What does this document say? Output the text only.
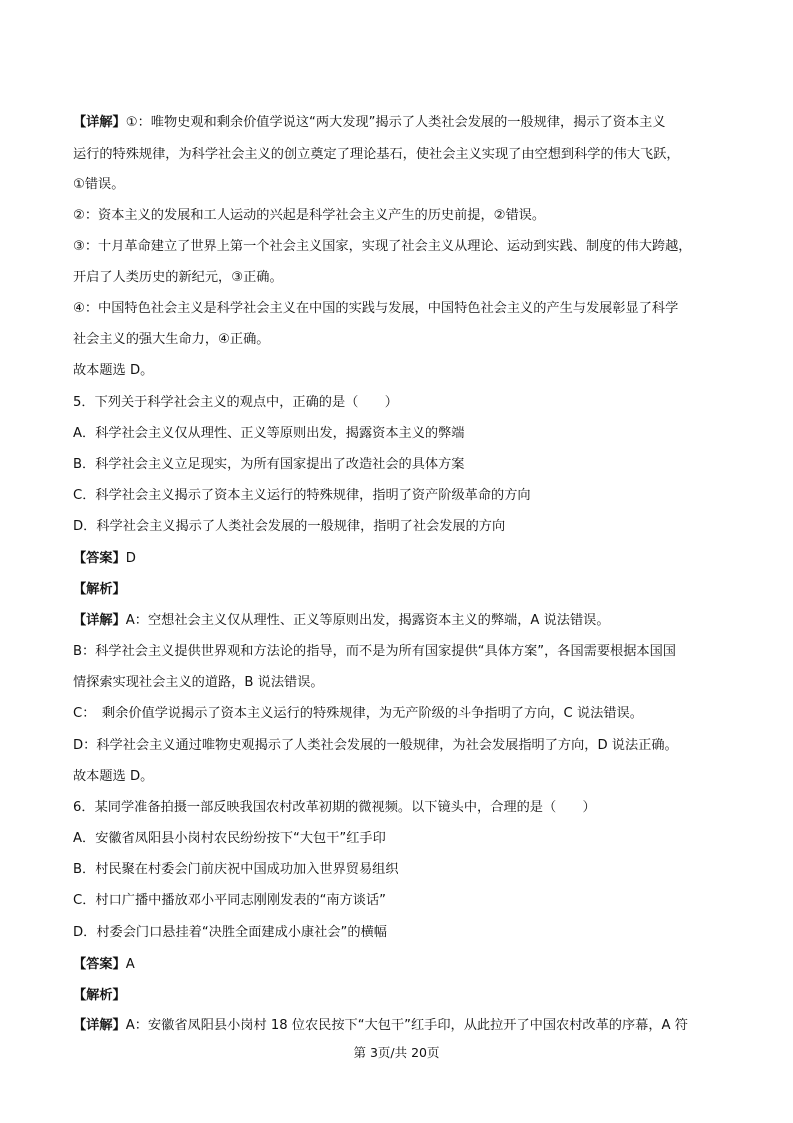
【详解】①：唯物史观和剩余价值学说这“两大发现”揭示了人类社会发展的一般规律，揭示了资本主义
运行的特殊规律，为科学社会主义的创立奠定了理论基石，使社会主义实现了由空想到科学的伟大飞跃，
①错误。
②：资本主义的发展和工人运动的兴起是科学社会主义产生的历史前提，②错误。
③：十月革命建立了世界上第一个社会主义国家，实现了社会主义从理论、运动到实践、制度的伟大跨越，
开启了人类历史的新纪元，③正确。
④：中国特色社会主义是科学社会主义在中国的实践与发展，中国特色社会主义的产生与发展彰显了科学
社会主义的强大生命力，④正确。
故本题选 D。
5．下列关于科学社会主义的观点中，正确的是（　　）
A．科学社会主义仅从理性、正义等原则出发，揭露资本主义的弊端
B．科学社会主义立足现实，为所有国家提出了改造社会的具体方案
C．科学社会主义揭示了资本主义运行的特殊规律，指明了资产阶级革命的方向
D．科学社会主义揭示了人类社会发展的一般规律，指明了社会发展的方向
【答案】D
【解析】
【详解】A：空想社会主义仅从理性、正义等原则出发，揭露资本主义的弊端，A 说法错误。
B：科学社会主义提供世界观和方法论的指导，而不是为所有国家提供“具体方案”，各国需要根据本国国
情探索实现社会主义的道路，B 说法错误。
C：　剩余价值学说揭示了资本主义运行的特殊规律，为无产阶级的斗争指明了方向，C 说法错误。
D：科学社会主义通过唯物史观揭示了人类社会发展的一般规律，为社会发展指明了方向，D 说法正确。
故本题选 D。
6．某同学准备拍摄一部反映我国农村改革初期的微视频。以下镜头中，合理的是（　　）
A．安徽省凤阳县小岗村农民纷纷按下“大包干”红手印
B．村民聚在村委会门前庆祝中国成功加入世界贸易组织
C．村口广播中播放邓小平同志刚刚发表的“南方谈话”
D．村委会门口悬挂着“决胜全面建成小康社会”的横幅
【答案】A
【解析】
【详解】A：安徽省凤阳县小岗村 18 位农民按下“大包干”红手印，从此拉开了中国农村改革的序幕，A 符
第 3页/共 20页
